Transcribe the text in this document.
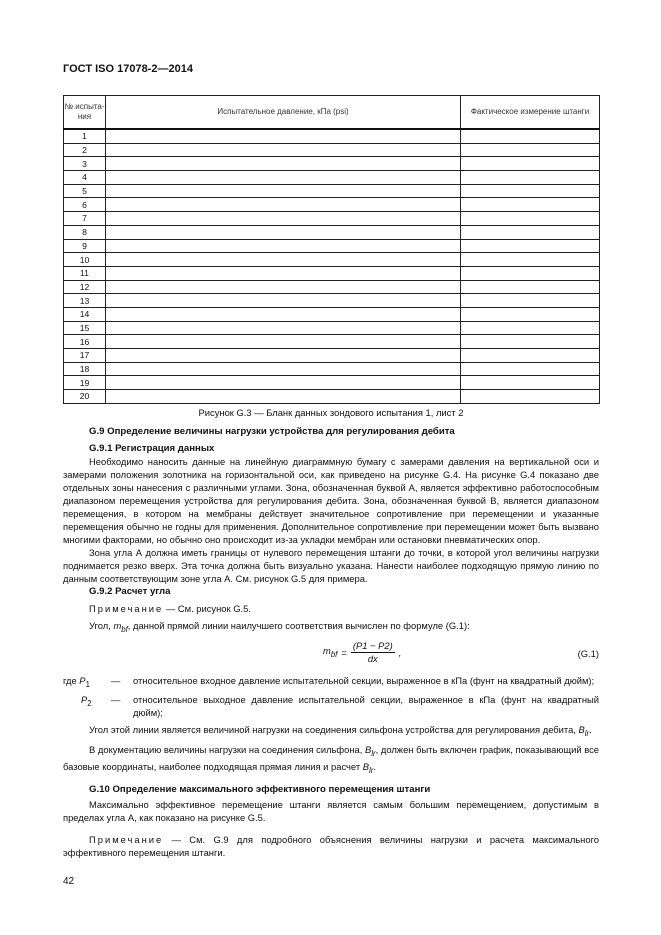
ГОСТ ISO 17078-2—2014
№ испыта-ния	Испытательное давление, кПа (psi)	Фактическое измерение штанги
1		
2		
3		
4		
5		
6		
7		
8		
9		
10		
11		
12		
13		
14		
15		
16		
17		
18		
19		
20		

Рисунок G.3 — Бланк данных зондового испытания 1, лист 2

G.9 Определение величины нагрузки устройства для регулирования дебита

G.9.1 Регистрация данных

Необходимо наносить данные на линейную диаграммную бумагу с замерами давления на вертикальной оси и замерами положения золотника на горизонтальной оси, как приведено на рисунке G.4. На рисунке G.4 показано две отдельных зоны нанесения с различными углами. Зона, обозначенная буквой А, является эффективно работоспособным диапазоном перемещения устройства для регулирования дебита. Зона, обозначенная буквой В, является диапазоном перемещения, в котором на мембраны действует значительное сопротивление при перемещении и указанные перемещения обычно не годны для применения. Дополнительное сопротивление при перемещении может быть вызвано многими факторами, но обычно оно происходит из-за укладки мембран или остановки пневматических опор.

Зона угла А должна иметь границы от нулевого перемещения штанги до точки, в которой угол величины нагрузки поднимается резко вверх. Эта точка должна быть визуально указана. Нанести наиболее подходящую прямую линию по данным соответствующим зоне угла А. См. рисунок G.5 для примера.

G.9.2 Расчет угла

Примечание — См. рисунок G.5.

Угол, $m_{bf}$, данной прямой линии наилучшего соответствия вычислен по формуле (G.1):

$m_{bf} = \frac{(P1 - P2)}{dx}$ ,	(G.1)
где $P_1$	—	относительное входное давление испытательной секции, выраженное в кПа (фунт на квадратный дюйм);
$P_2$	—	относительное выходное давление испытательной секции, выраженное в кПа (фунт на квадратный дюйм);

Угол этой линии является величиной нагрузки на соединения сильфона устройства для регулирования дебита, $B_{lr}$.

В документацию величины нагрузки на соединения сильфона, $B_{lr}$, должен быть включен график, показывающий все базовые координаты, наиболее подходящая прямая линия и расчет $B_{lr}$.

G.10 Определение максимального эффективного перемещения штанги

Максимально эффективное перемещение штанги является самым большим перемещением, допустимым в пределах угла А, как показано на рисунке G.5.

Примечание — См. G.9 для подробного объяснения величины нагрузки и расчета максимального эффективного перемещения штанги.

42
